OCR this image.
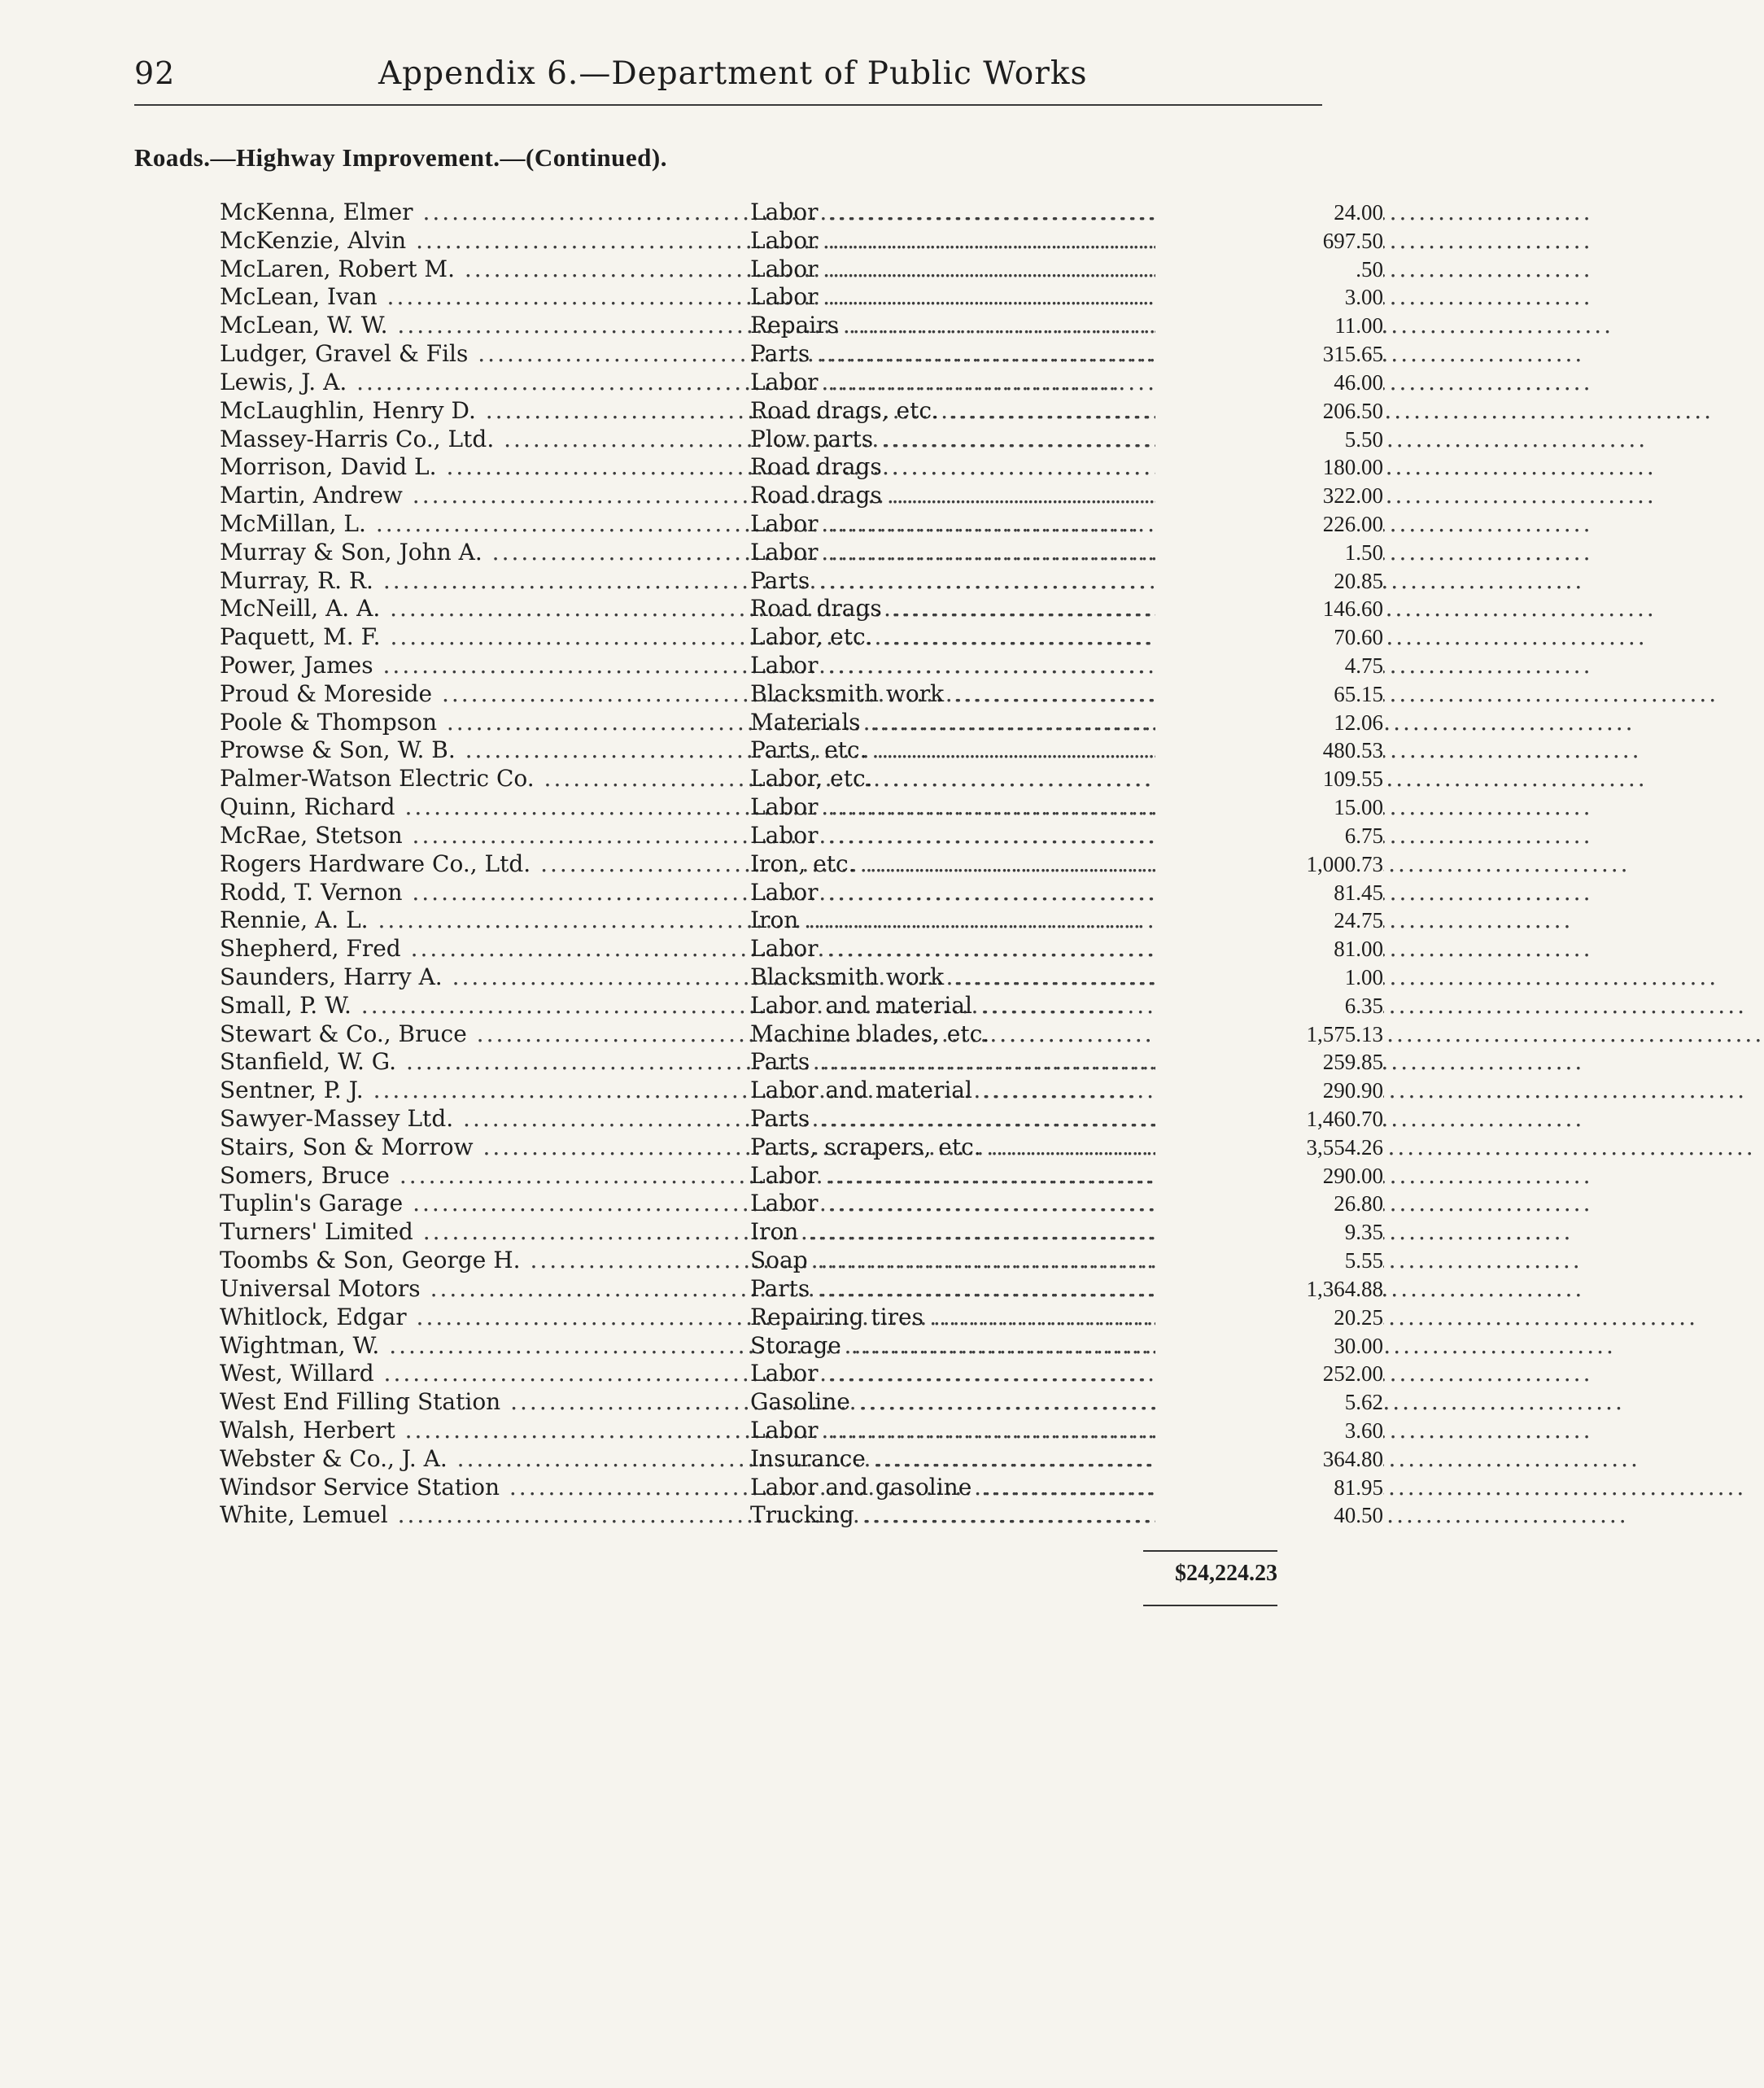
92	Appendix 6.—Department of Public Works
Roads.—Highway Improvement.—(Continued).
McKenna, Elmer .....	Labor .....	24.00
McKenzie, Alvin .....	Labor .....	697.50
McLaren, Robert M. .....	Labor .....	.50
McLean, Ivan .....	Labor .....	3.00
McLean, W. W. .....	Repairs .....	11.00
Ludger, Gravel & Fils .....	Parts .....	315.65
Lewis, J. A. .....	Labor .....	46.00
McLaughlin, Henry D. .....	Road drags, etc. .....	206.50
Massey-Harris Co., Ltd. .....	Plow parts .....	5.50
Morrison, David L. .....	Road drags .....	180.00
Martin, Andrew .....	Road drags .....	322.00
McMillan, L. .....	Labor .....	226.00
Murray & Son, John A. .....	Labor .....	1.50
Murray, R. R. .....	Parts .....	20.85
McNeill, A. A. .....	Road drags .....	146.60
Paquett, M. F. .....	Labor, etc. .....	70.60
Power, James .....	Labor .....	4.75
Proud & Moreside .....	Blacksmith work .....	65.15
Poole & Thompson .....	Materials .....	12.06
Prowse & Son, W. B. .....	Parts, etc. .....	480.53
Palmer-Watson Electric Co. .....	Labor, etc. .....	109.55
Quinn, Richard .....	Labor .....	15.00
McRae, Stetson .....	Labor .....	6.75
Rogers Hardware Co., Ltd. .....	Iron, etc. .....	1,000.73
Rodd, T. Vernon .....	Labor .....	81.45
Rennie, A. L. .....	Iron .....	24.75
Shepherd, Fred .....	Labor .....	81.00
Saunders, Harry A. .....	Blacksmith work .....	1.00
Small, P. W. .....	Labor and material .....	6.35
Stewart & Co., Bruce .....	Machine blades, etc. .....	1,575.13
Stanfield, W. G. .....	Parts .....	259.85
Sentner, P. J. .....	Labor and material .....	290.90
Sawyer-Massey Ltd. .....	Parts .....	1,460.70
Stairs, Son & Morrow .....	Parts, scrapers, etc. .....	3,554.26
Somers, Bruce .....	Labor .....	290.00
Tuplin's Garage .....	Labor .....	26.80
Turners' Limited .....	Iron .....	9.35
Toombs & Son, George H. .....	Soap .....	5.55
Universal Motors .....	Parts .....	1,364.88
Whitlock, Edgar .....	Repairing tires .....	20.25
Wightman, W. .....	Storage .....	30.00
West, Willard .....	Labor .....	252.00
West End Filling Station .....	Gasoline .....	5.62
Walsh, Herbert .....	Labor .....	3.60
Webster & Co., J. A. .....	Insurance .....	364.80
Windsor Service Station .....	Labor and gasoline .....	81.95
White, Lemuel .....	Trucking .....	40.50
$24,224.23
